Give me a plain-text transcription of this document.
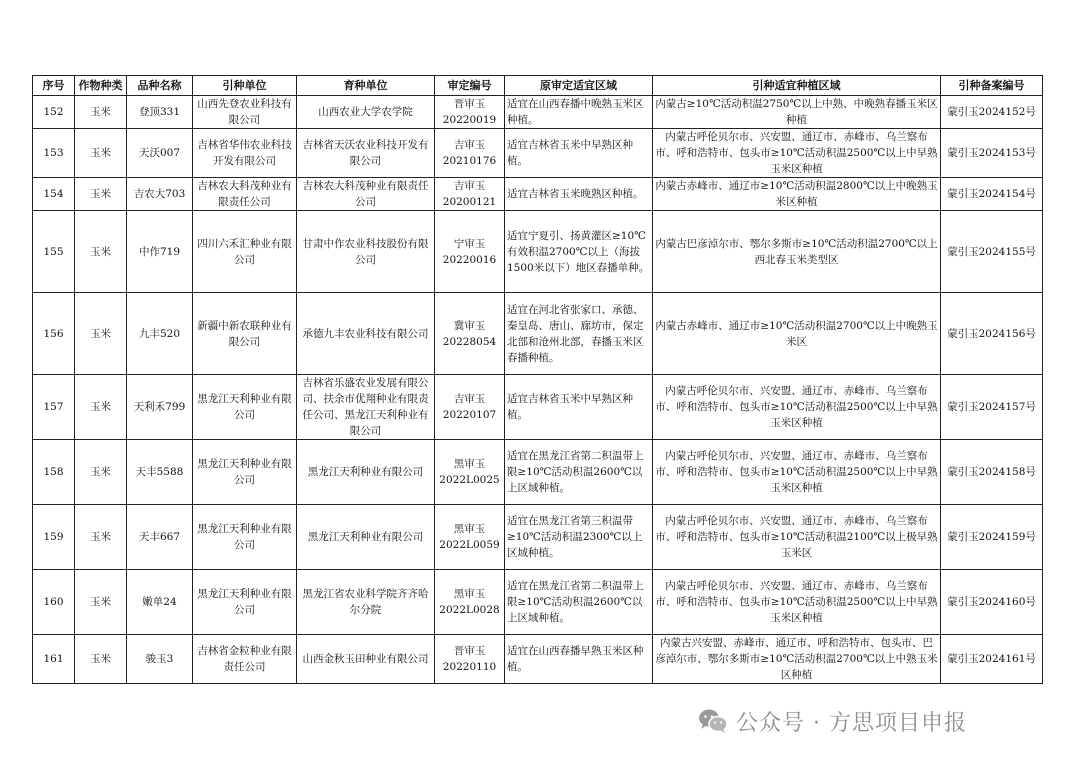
序号	作物种类	品种名称	引种单位	育种单位	审定编号	原审定适宜区域	引种适宜种植区域	引种备案编号
152	玉米	登顶331	山西先登农业科技有限公司	山西农业大学农学院	晋审玉20220019	适宜在山西春播中晚熟玉米区种植。	内蒙古≥10℃活动积温2750℃以上中熟、中晚熟春播玉米区种植	蒙引玉2024152号
153	玉米	天沃007	吉林省华伟农业科技开发有限公司	吉林省天沃农业科技开发有限公司	吉审玉20210176	适宜吉林省玉米中早熟区种植。	内蒙古呼伦贝尔市、兴安盟、通辽市、赤峰市、乌兰察布市、呼和浩特市、包头市≥10℃活动积温2500℃以上中早熟玉米区种植	蒙引玉2024153号
154	玉米	吉农大703	吉林农大科茂种业有限责任公司	吉林农大科茂种业有限责任公司	吉审玉20200121	适宜吉林省玉米晚熟区种植。	内蒙古赤峰市、通辽市≥10℃活动积温2800℃以上中晚熟玉米区种植	蒙引玉2024154号
155	玉米	中作719	四川六禾汇种业有限公司	甘肃中作农业科技股份有限公司	宁审玉20220016	适宜宁夏引、扬黄灌区≥10℃有效积温2700℃以上（海拔1500米以下）地区春播单种。	内蒙古巴彦淖尔市、鄂尔多斯市≥10℃活动积温2700℃以上西北春玉米类型区	蒙引玉2024155号
156	玉米	九丰520	新疆中新农联种业有限公司	承德九丰农业科技有限公司	冀审玉20228054	适宜在河北省张家口、承德、秦皇岛、唐山、廊坊市，保定北部和沧州北部，春播玉米区春播种植。	内蒙古赤峰市、通辽市≥10℃活动积温2700℃以上中晚熟玉米区	蒙引玉2024156号
157	玉米	天利禾799	黑龙江天利种业有限公司	吉林省乐盛农业发展有限公司、扶余市优翔种业有限责任公司、黑龙江天利种业有限公司	吉审玉20220107	适宜吉林省玉米中早熟区种植。	内蒙古呼伦贝尔市、兴安盟、通辽市、赤峰市、乌兰察布市、呼和浩特市、包头市≥10℃活动积温2500℃以上中早熟玉米区种植	蒙引玉2024157号
158	玉米	天丰5588	黑龙江天利种业有限公司	黑龙江天利种业有限公司	黑审玉2022L0025	适宜在黑龙江省第二积温带上限≥10℃活动积温2600℃以上区域种植。	内蒙古呼伦贝尔市、兴安盟、通辽市、赤峰市、乌兰察布市、呼和浩特市、包头市≥10℃活动积温2500℃以上中早熟玉米区种植	蒙引玉2024158号
159	玉米	天丰667	黑龙江天利种业有限公司	黑龙江天利种业有限公司	黑审玉2022L0059	适宜在黑龙江省第三积温带≥10℃活动积温2300℃以上区域种植。	内蒙古呼伦贝尔市、兴安盟、通辽市、赤峰市、乌兰察布市、呼和浩特市、包头市≥10℃活动积温2100℃以上极早熟玉米区	蒙引玉2024159号
160	玉米	嫩单24	黑龙江天利种业有限公司	黑龙江省农业科学院齐齐哈尔分院	黑审玉2022L0028	适宜在黑龙江省第二积温带上限≥10℃活动积温2600℃以上区域种植。	内蒙古呼伦贝尔市、兴安盟、通辽市、赤峰市、乌兰察布市、呼和浩特市、包头市≥10℃活动积温2500℃以上中早熟玉米区种植	蒙引玉2024160号
161	玉米	骏玉3	吉林省金粒种业有限责任公司	山西金秋玉田种业有限公司	晋审玉20220110	适宜在山西春播早熟玉米区种植。	内蒙古兴安盟、赤峰市、通辽市、呼和浩特市、包头市、巴彦淖尔市、鄂尔多斯市≥10℃活动积温2700℃以上中熟玉米区种植	蒙引玉2024161号
公众号 · 方思项目申报
